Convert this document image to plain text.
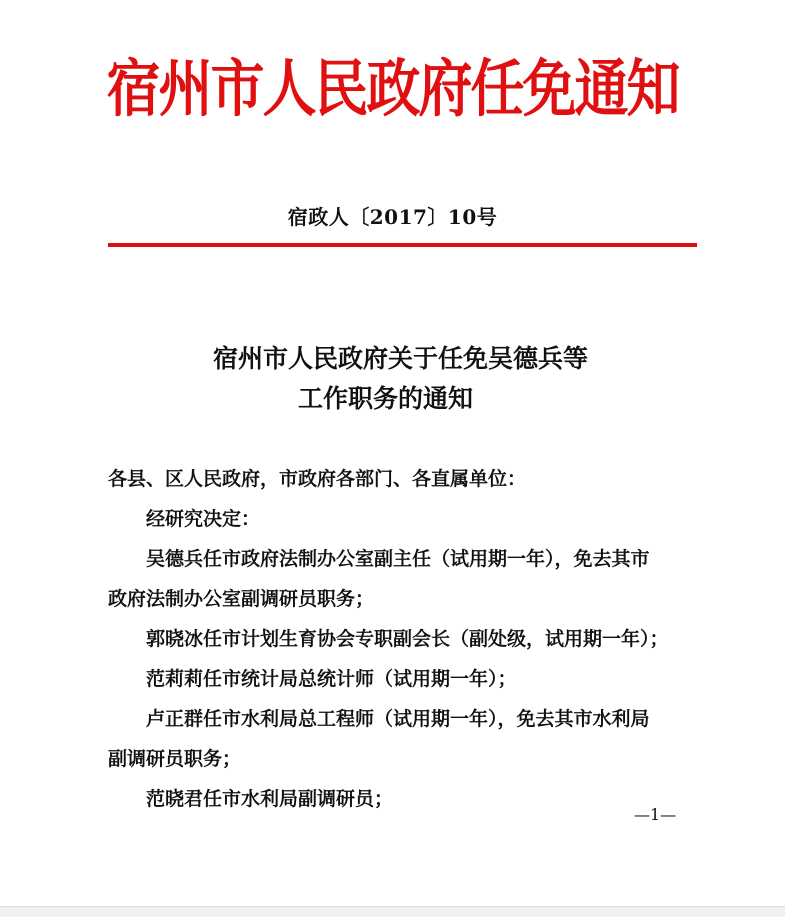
宿州市人民政府任免通知
宿政人〔2017〕10号
宿州市人民政府关于任免吴德兵等
工作职务的通知

各县、区人民政府，市政府各部门、各直属单位：

经研究决定：

吴德兵任市政府法制办公室副主任（试用期一年），免去其市

政府法制办公室副调研员职务；

郭晓冰任市计划生育协会专职副会长（副处级，试用期一年）；

范莉莉任市统计局总统计师（试用期一年）；

卢正群任市水利局总工程师（试用期一年），免去其市水利局

副调研员职务；

范晓君任市水利局副调研员；

—1—
